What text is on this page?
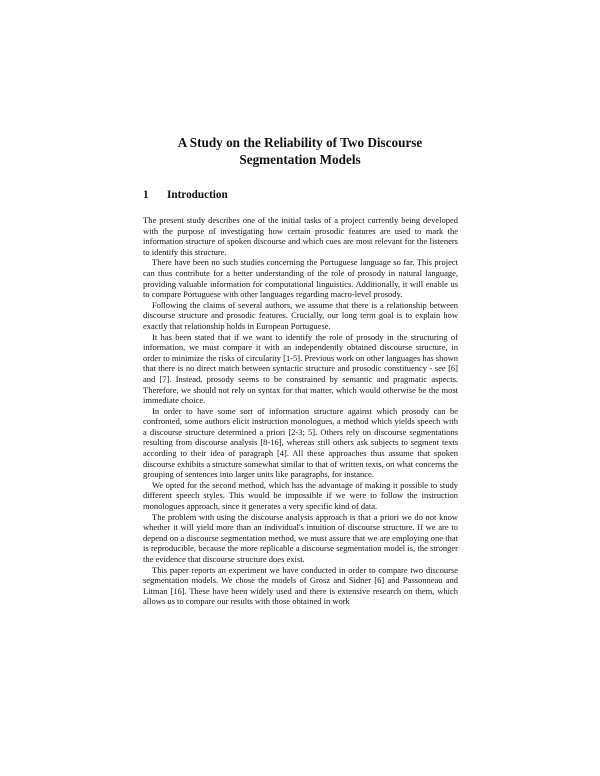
A Study on the Reliability of Two Discourse
Segmentation Models
1 Introduction

The present study describes one of the initial tasks of a project currently being developed with the purpose of investigating how certain prosodic features are used to mark the information structure of spoken discourse and which cues are most relevant for the listeners to identify this structure.

There have been no such studies concerning the Portuguese language so far. This project can thus contribute for a better understanding of the role of prosody in natural language, providing valuable information for computational linguistics. Additionally, it will enable us to compare Portuguese with other languages regarding macro-level prosody.

Following the claims of several authors, we assume that there is a relationship between discourse structure and prosodic features. Crucially, our long term goal is to explain how exactly that relationship holds in European Portuguese.

It has been stated that if we want to identify the role of prosody in the structuring of information, we must compare it with an independently obtained discourse structure, in order to minimize the risks of circularity [1-5]. Previous work on other languages has shown that there is no direct match between syntactic structure and prosodic constituency - see [6] and [7]. Instead, prosody seems to be constrained by semantic and pragmatic aspects. Therefore, we should not rely on syntax for that matter, which would otherwise be the most immediate choice.

In order to have some sort of information structure against which prosody can be confronted, some authors elicit instruction monologues, a method which yields speech with a discourse structure determined a priori [2-3; 5]. Others rely on discourse segmentations resulting from discourse analysis [8-16], whereas still others ask subjects to segment texts according to their idea of paragraph [4]. All these approaches thus assume that spoken discourse exhibits a structure somewhat similar to that of written texts, on what concerns the grouping of sentences into larger units like paragraphs, for instance.

We opted for the second method, which has the advantage of making it possible to study different speech styles. This would be impossible if we were to follow the instruction monologues approach, since it generates a very specific kind of data.

The problem with using the discourse analysis approach is that a priori we do not know whether it will yield more than an individual's intuition of discourse structure. If we are to depend on a discourse segmentation method, we must assure that we are employing one that is reproducible, because the more replicable a discourse segmentation model is, the stronger the evidence that discourse structure does exist.

This paper reports an experiment we have conducted in order to compare two discourse segmentation models. We chose the models of Grosz and Sidner [6] and Passonneau and Litman [16]. These have been widely used and there is extensive research on them, which allows us to compare our results with those obtained in work
